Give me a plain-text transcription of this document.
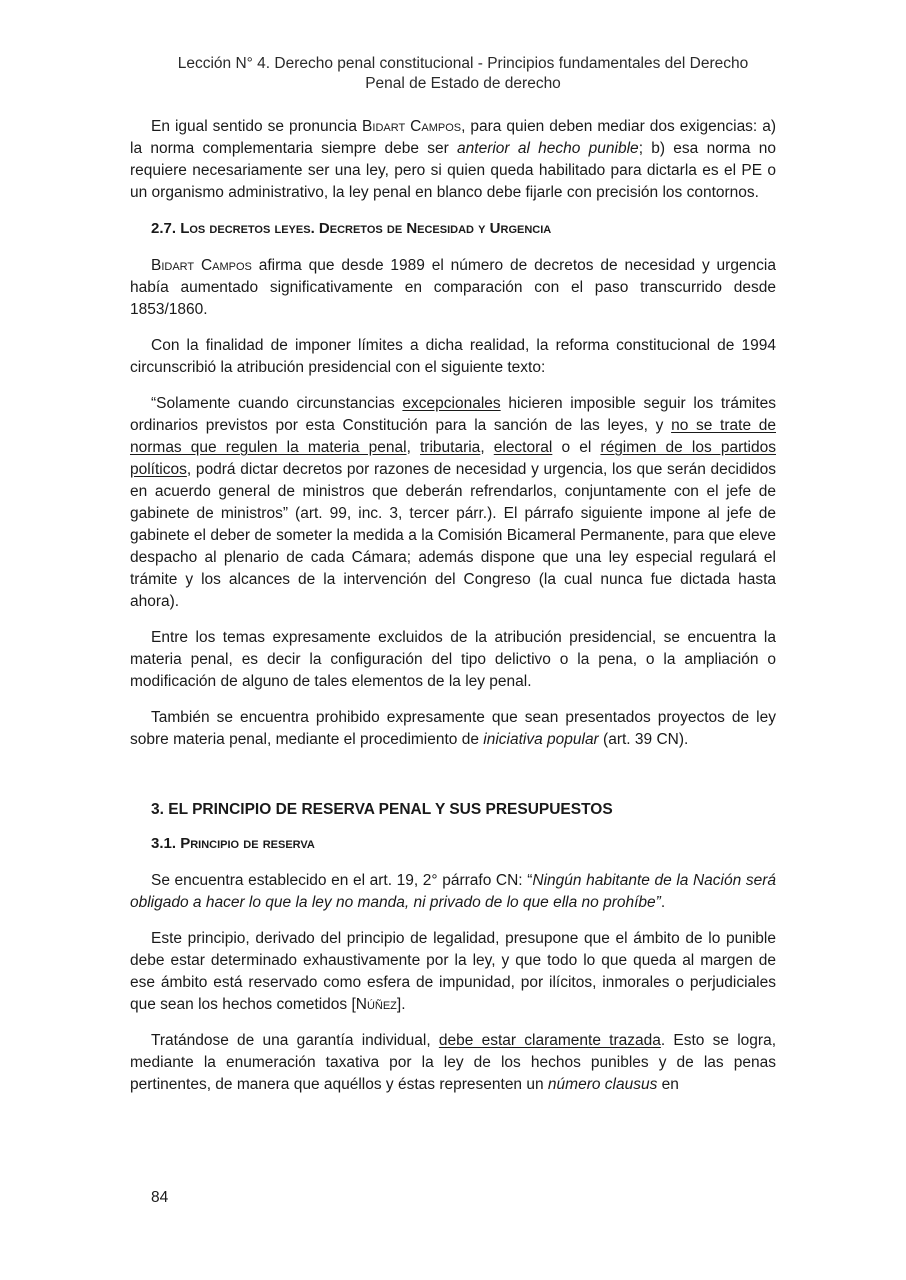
Lección N° 4. Derecho penal constitucional - Principios fundamentales del Derecho
Penal de Estado de derecho

En igual sentido se pronuncia Bidart Campos, para quien deben mediar dos exigencias: a) la norma complementaria siempre debe ser anterior al hecho punible; b) esa norma no requiere necesariamente ser una ley, pero si quien queda habilitado para dictarla es el PE o un organismo administrativo, la ley penal en blanco debe fijarle con precisión los contornos.

2.7. Los decretos leyes. Decretos de Necesidad y Urgencia

Bidart Campos afirma que desde 1989 el número de decretos de necesidad y urgencia había aumentado significativamente en comparación con el paso transcurrido desde 1853/1860.

Con la finalidad de imponer límites a dicha realidad, la reforma constitucional de 1994 circunscribió la atribución presidencial con el siguiente texto:

“Solamente cuando circunstancias excepcionales hicieren imposible seguir los trámites ordinarios previstos por esta Constitución para la sanción de las leyes, y no se trate de normas que regulen la materia penal, tributaria, electoral o el régimen de los partidos políticos, podrá dictar decretos por razones de necesidad y urgencia, los que serán decididos en acuerdo general de ministros que deberán refrendarlos, conjuntamente con el jefe de gabinete de ministros” (art. 99, inc. 3, tercer párr.). El párrafo siguiente impone al jefe de gabinete el deber de someter la medida a la Comisión Bicameral Permanente, para que eleve despacho al plenario de cada Cámara; además dispone que una ley especial regulará el trámite y los alcances de la intervención del Congreso (la cual nunca fue dictada hasta ahora).

Entre los temas expresamente excluidos de la atribución presidencial, se encuentra la materia penal, es decir la configuración del tipo delictivo o la pena, o la ampliación o modificación de alguno de tales elementos de la ley penal.

También se encuentra prohibido expresamente que sean presentados proyectos de ley sobre materia penal, mediante el procedimiento de iniciativa popular (art. 39 CN).

3. EL PRINCIPIO DE RESERVA PENAL Y SUS PRESUPUESTOS
3.1. Principio de reserva

Se encuentra establecido en el art. 19, 2° párrafo CN: “Ningún habitante de la Nación será obligado a hacer lo que la ley no manda, ni privado de lo que ella no prohíbe”.

Este principio, derivado del principio de legalidad, presupone que el ámbito de lo punible debe estar determinado exhaustivamente por la ley, y que todo lo que queda al margen de ese ámbito está reservado como esfera de impunidad, por ilícitos, inmorales o perjudiciales que sean los hechos cometidos [Núñez].

Tratándose de una garantía individual, debe estar claramente trazada. Esto se logra, mediante la enumeración taxativa por la ley de los hechos punibles y de las penas pertinentes, de manera que aquéllos y éstas representen un número clausus en

84
